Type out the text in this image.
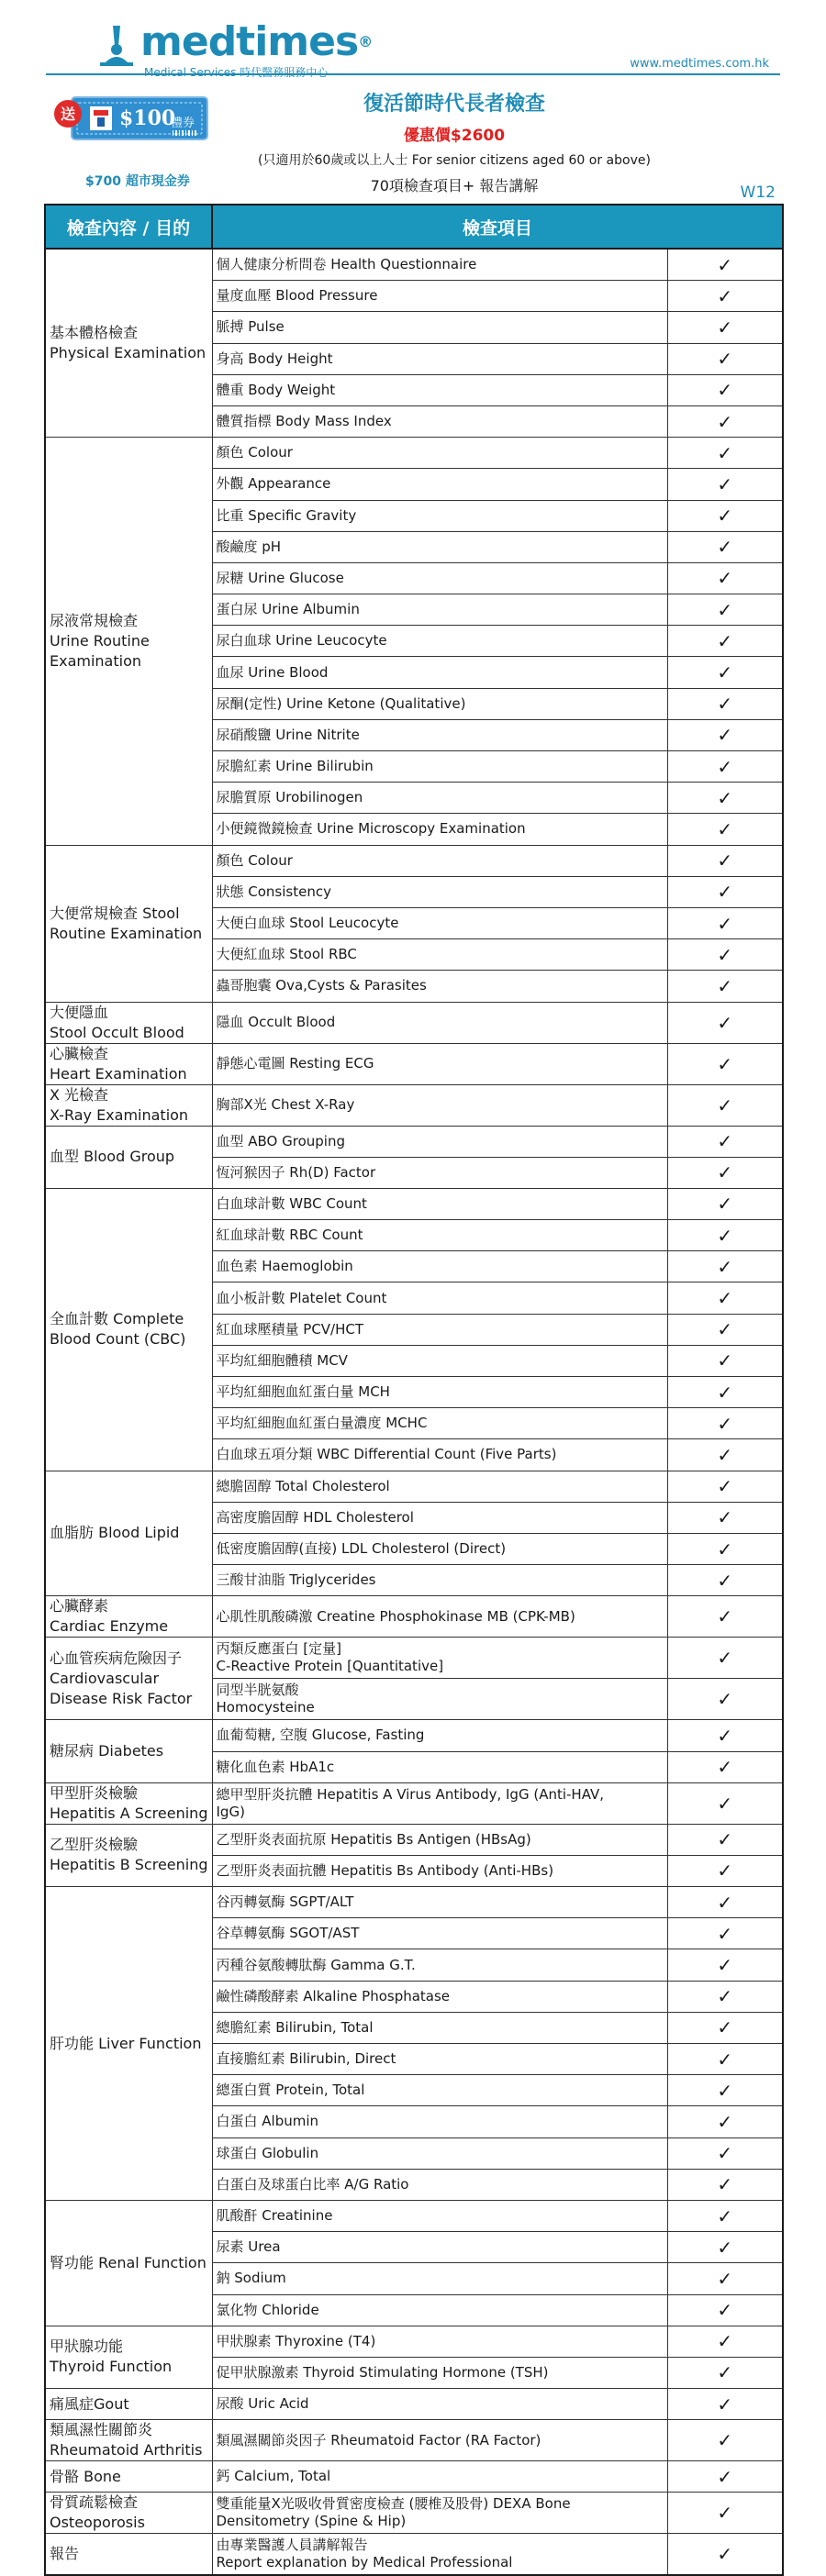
medtimes®
Medical Services 時代醫務服務中心
www.medtimes.com.hk
送 $100
禮券
$700 超市現金券
復活節時代長者檢查
優惠價$2600
(只適用於60歲或以上人士 For senior citizens aged 60 or above)
70項檢查項目+ 報告講解	W12
檢查內容 / 目的	檢查項目	
基本體格檢查
Physical Examination	個人健康分析問卷 Health Questionnaire	✓
	量度血壓 Blood Pressure	✓
	脈搏 Pulse	✓
	身高 Body Height	✓
	體重 Body Weight	✓
	體質指標 Body Mass Index	✓
尿液常規檢查
Urine Routine
Examination	顏色 Colour	✓
	外觀 Appearance	✓
	比重 Specific Gravity	✓
	酸鹼度 pH	✓
	尿糖 Urine Glucose	✓
	蛋白尿 Urine Albumin	✓
	尿白血球 Urine Leucocyte	✓
	血尿 Urine Blood	✓
	尿酮(定性) Urine Ketone (Qualitative)	✓
	尿硝酸鹽 Urine Nitrite	✓
	尿膽紅素 Urine Bilirubin	✓
	尿膽質原 Urobilinogen	✓
	小便鏡微鏡檢查 Urine Microscopy Examination	✓
大便常規檢查 Stool
Routine Examination	顏色 Colour	✓
	狀態 Consistency	✓
	大便白血球 Stool Leucocyte	✓
	大便紅血球 Stool RBC	✓
	蟲哥胞囊 Ova,Cysts & Parasites	✓
大便隱血
Stool Occult Blood	隱血 Occult Blood	✓
心臟檢查
Heart Examination	靜態心電圖 Resting ECG	✓
X 光檢查
X-Ray Examination	胸部X光 Chest X-Ray	✓
血型 Blood Group	血型 ABO Grouping	✓
	恆河猴因子 Rh(D) Factor	✓
全血計數 Complete
Blood Count (CBC)	白血球計數 WBC Count	✓
	紅血球計數 RBC Count	✓
	血色素 Haemoglobin	✓
	血小板計數 Platelet Count	✓
	紅血球壓積量 PCV/HCT	✓
	平均紅細胞體積 MCV	✓
	平均紅細胞血紅蛋白量 MCH	✓
	平均紅細胞血紅蛋白量濃度 MCHC	✓
	白血球五項分類 WBC Differential Count (Five Parts)	✓
血脂肪 Blood Lipid	總膽固醇 Total Cholesterol	✓
	高密度膽固醇 HDL Cholesterol	✓
	低密度膽固醇(直接) LDL Cholesterol (Direct)	✓
	三酸甘油脂 Triglycerides	✓
心臟酵素
Cardiac Enzyme	心肌性肌酸磷激 Creatine Phosphokinase MB (CPK-MB)	✓
心血管疾病危險因子
Cardiovascular
Disease Risk Factor	丙類反應蛋白 [定量]
C-Reactive Protein [Quantitative]	✓
	同型半胱氨酸
Homocysteine	✓
糖尿病 Diabetes	血葡萄糖, 空腹 Glucose, Fasting	✓
	糖化血色素 HbA1c	✓
甲型肝炎檢驗
Hepatitis A Screening	總甲型肝炎抗體 Hepatitis A Virus Antibody, IgG (Anti-HAV,
IgG)	✓
乙型肝炎檢驗
Hepatitis B Screening	乙型肝炎表面抗原 Hepatitis Bs Antigen (HBsAg)	✓
	乙型肝炎表面抗體 Hepatitis Bs Antibody (Anti-HBs)	✓
肝功能 Liver Function	谷丙轉氨酶 SGPT/ALT	✓
	谷草轉氨酶 SGOT/AST	✓
	丙種谷氨酸轉肽酶 Gamma G.T.	✓
	鹼性磷酸酵素 Alkaline Phosphatase	✓
	總膽紅素 Bilirubin, Total	✓
	直接膽紅素 Bilirubin, Direct	✓
	總蛋白質 Protein, Total	✓
	白蛋白 Albumin	✓
	球蛋白 Globulin	✓
	白蛋白及球蛋白比率 A/G Ratio	✓
腎功能 Renal Function	肌酸酐 Creatinine	✓
	尿素 Urea	✓
	鈉 Sodium	✓
	氯化物 Chloride	✓
甲狀腺功能
Thyroid Function	甲狀腺素 Thyroxine (T4)	✓
	促甲狀腺激素 Thyroid Stimulating Hormone (TSH)	✓
痛風症Gout	尿酸 Uric Acid	✓
類風濕性關節炎
Rheumatoid Arthritis	類風濕關節炎因子 Rheumatoid Factor (RA Factor)	✓
骨骼 Bone	鈣 Calcium, Total	✓
骨質疏鬆檢查
Osteoporosis	雙重能量X光吸收骨質密度檢查 (腰椎及股骨) DEXA Bone
Densitometry (Spine & Hip)	✓
報告	由專業醫護人員講解報告
Report explanation by Medical Professional	✓
